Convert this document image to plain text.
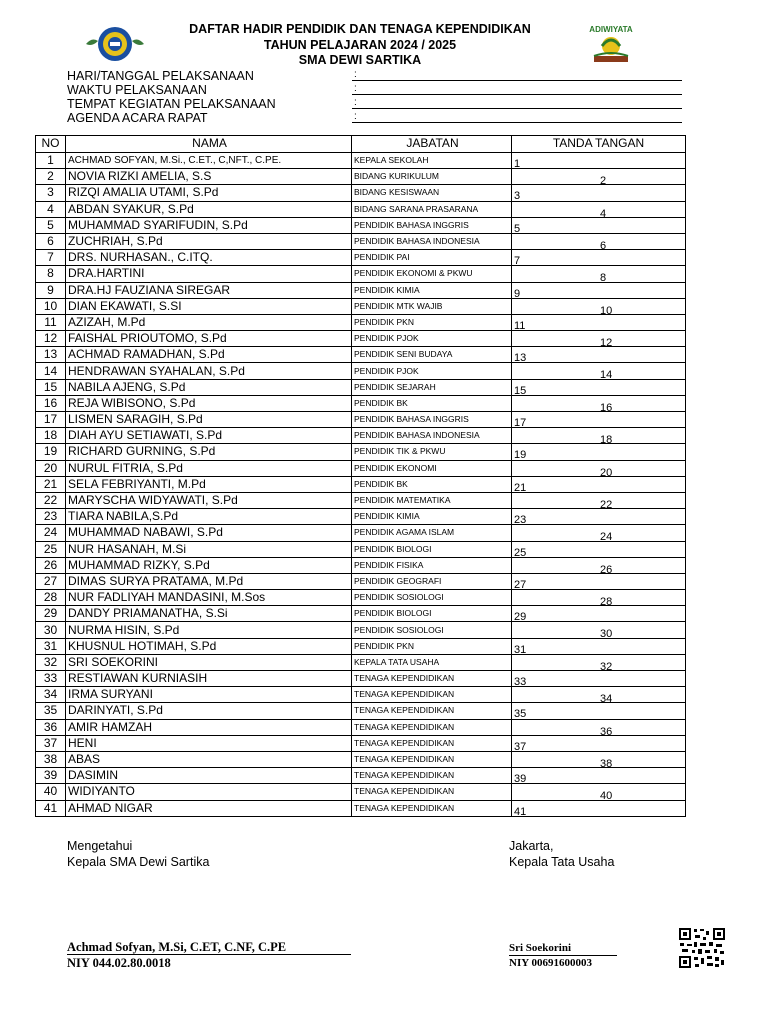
DAFTAR HADIR PENDIDIK DAN TENAGA KEPENDIDIKAN
TAHUN PELAJARAN 2024 / 2025
SMA DEWI SARTIKA
ADIWIYATA
HARI/TANGGAL PELAKSANAAN	:
WAKTU PELAKSANAAN	:
TEMPAT KEGIATAN PELAKSANAAN	:
AGENDA ACARA RAPAT	:
NO	NAMA	JABATAN	TANDA TANGAN
1	ACHMAD SOFYAN, M.Si., C.ET., C,NFT., C.PE.	KEPALA SEKOLAH	1

2	NOVIA RIZKI AMELIA, S.S	BIDANG KURIKULUM	2

3	RIZQI AMALIA UTAMI, S.Pd	BIDANG KESISWAAN	3

4	ABDAN SYAKUR, S.Pd	BIDANG SARANA PRASARANA	4

5	MUHAMMAD SYARIFUDIN, S.Pd	PENDIDIK BAHASA INGGRIS	5

6	ZUCHRIAH, S.Pd	PENDIDIK BAHASA INDONESIA	6

7	DRS. NURHASAN., C.ITQ.	PENDIDIK PAI	7

8	DRA.HARTINI	PENDIDIK EKONOMI & PKWU	8

9	DRA.HJ FAUZIANA SIREGAR	PENDIDIK KIMIA	9

10	DIAN EKAWATI, S.SI	PENDIDIK MTK WAJIB	10

11	AZIZAH, M.Pd	PENDIDIK PKN	11

12	FAISHAL PRIOUTOMO, S.Pd	PENDIDIK PJOK	12

13	ACHMAD RAMADHAN, S.Pd	PENDIDIK SENI BUDAYA	13

14	HENDRAWAN SYAHALAN, S.Pd	PENDIDIK PJOK	14

15	NABILA AJENG, S.Pd	PENDIDIK SEJARAH	15

16	REJA WIBISONO, S.Pd	PENDIDIK BK	16

17	LISMEN SARAGIH, S.Pd	PENDIDIK BAHASA INGGRIS	17

18	DIAH AYU SETIAWATI, S.Pd	PENDIDIK BAHASA INDONESIA	18

19	RICHARD GURNING, S.Pd	PENDIDIK TIK & PKWU	19

20	NURUL FITRIA, S.Pd	PENDIDIK EKONOMI	20

21	SELA FEBRIYANTI, M.Pd	PENDIDIK BK	21

22	MARYSCHA WIDYAWATI, S.Pd	PENDIDIK MATEMATIKA	22

23	TIARA NABILA,S.Pd	PENDIDIK KIMIA	23

24	MUHAMMAD NABAWI, S.Pd	PENDIDIK AGAMA ISLAM	24

25	NUR HASANAH, M.Si	PENDIDIK BIOLOGI	25

26	MUHAMMAD RIZKY, S.Pd	PENDIDIK FISIKA	26

27	DIMAS SURYA PRATAMA, M.Pd	PENDIDIK GEOGRAFI	27

28	NUR FADLIYAH MANDASINI, M.Sos	PENDIDIK SOSIOLOGI	28

29	DANDY PRIAMANATHA, S.Si	PENDIDIK BIOLOGI	29

30	NURMA HISIN, S.Pd	PENDIDIK SOSIOLOGI	30

31	KHUSNUL HOTIMAH, S.Pd	PENDIDIK PKN	31

32	SRI SOEKORINI	KEPALA TATA USAHA	32

33	RESTIAWAN KURNIASIH	TENAGA KEPENDIDIKAN	33

34	IRMA SURYANI	TENAGA KEPENDIDIKAN	34

35	DARINYATI, S.Pd	TENAGA KEPENDIDIKAN	35

36	AMIR HAMZAH	TENAGA KEPENDIDIKAN	36

37	HENI	TENAGA KEPENDIDIKAN	37

38	ABAS	TENAGA KEPENDIDIKAN	38

39	DASIMIN	TENAGA KEPENDIDIKAN	39

40	WIDIYANTO	TENAGA KEPENDIDIKAN	40

41	AHMAD NIGAR	TENAGA KEPENDIDIKAN	41
Mengetahui
Kepala SMA Dewi Sartika
Jakarta,
Kepala Tata Usaha
Achmad Sofyan, M.Si, C.ET, C.NF, C.PE
NIY 044.02.80.0018
Sri Soekorini
NIY 00691600003
